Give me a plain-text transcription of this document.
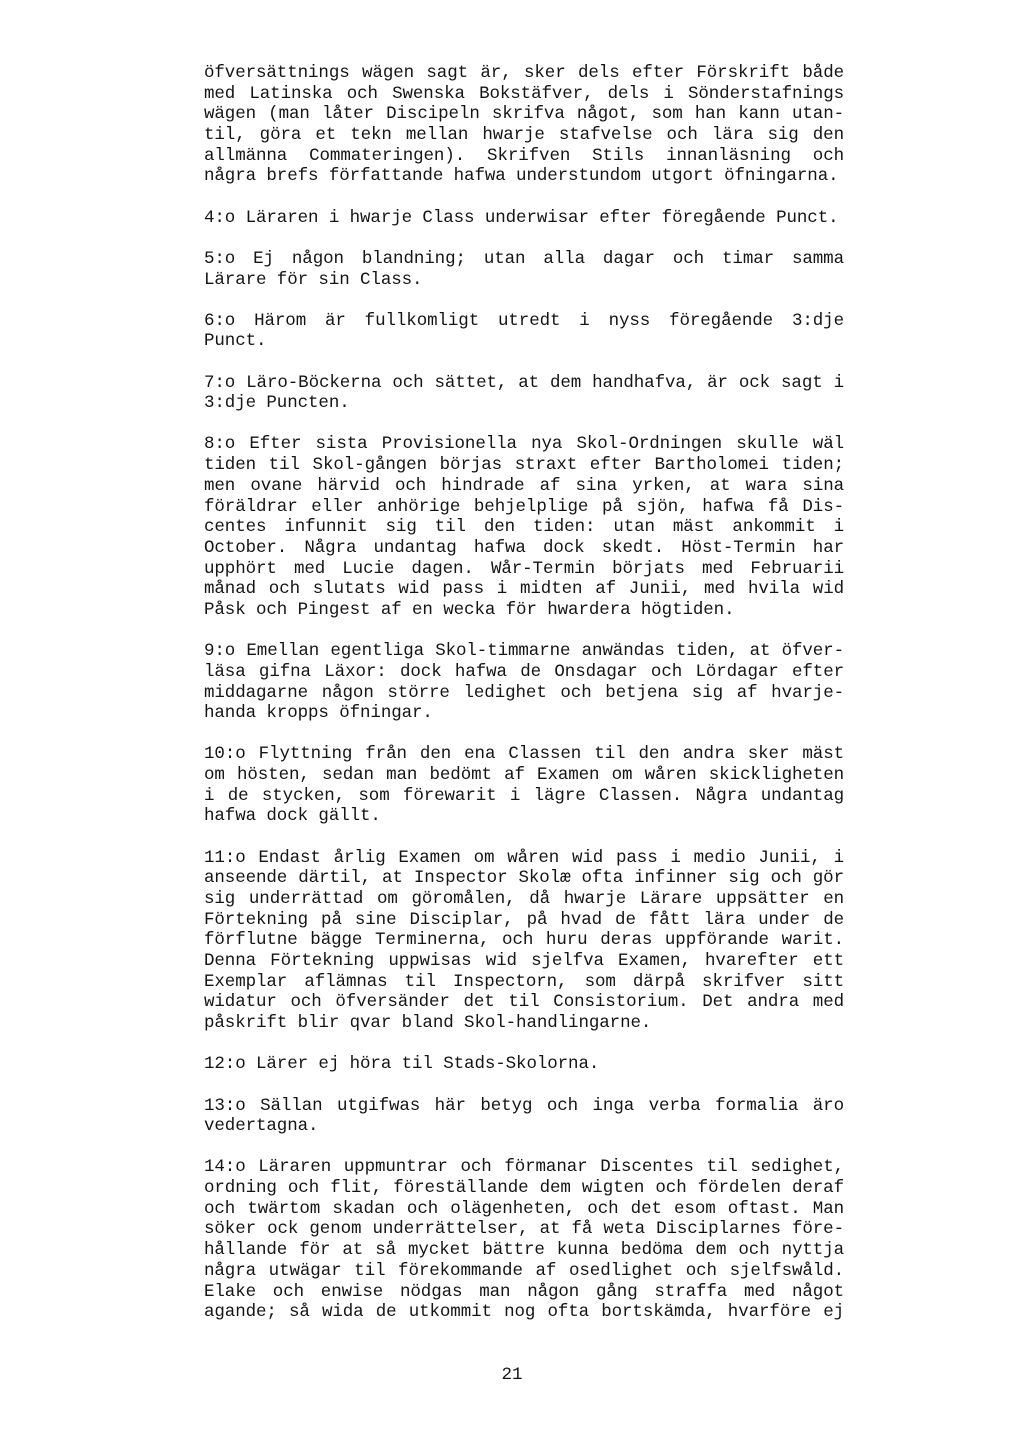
öfversättnings wägen sagt är, sker dels efter Förskrift både
med Latinska och Swenska Bokstäfver, dels i Sönderstafnings
wägen (man låter Discipeln skrifva något, som han kann utan-
til, göra et tekn mellan hwarje stafvelse och lära sig den
allmänna Commateringen). Skrifven Stils innanläsning och
några brefs författande hafwa understundom utgort öfningarna.
4:o Läraren i hwarje Class underwisar efter föregående Punct.
5:o Ej någon blandning; utan alla dagar och timar samma
Lärare för sin Class.
6:o Härom är fullkomligt utredt i nyss föregående 3:dje
Punct.
7:o Läro-Böckerna och sättet, at dem handhafva, är ock sagt i
3:dje Puncten.
8:o Efter sista Provisionella nya Skol-Ordningen skulle wäl
tiden til Skol-gången börjas straxt efter Bartholomei tiden;
men ovane härvid och hindrade af sina yrken, at wara sina
föräldrar eller anhörige behjelplige på sjön, hafwa få Dis-
centes infunnit sig til den tiden: utan mäst ankommit i
October. Några undantag hafwa dock skedt. Höst-Termin har
upphört med Lucie dagen. Wår-Termin börjats med Februarii
månad och slutats wid pass i midten af Junii, med hvila wid
Påsk och Pingest af en wecka för hwardera högtiden.
9:o Emellan egentliga Skol-timmarne anwändas tiden, at öfver-
läsa gifna Läxor: dock hafwa de Onsdagar och Lördagar efter
middagarne någon större ledighet och betjena sig af hvarje-
handa kropps öfningar.
10:o Flyttning från den ena Classen til den andra sker mäst
om hösten, sedan man bedömt af Examen om wåren skickligheten
i de stycken, som förewarit i lägre Classen. Några undantag
hafwa dock gällt.
11:o Endast årlig Examen om wåren wid pass i medio Junii, i
anseende därtil, at Inspector Skolæ ofta infinner sig och gör
sig underrättad om göromålen, då hwarje Lärare uppsätter en
Förtekning på sine Disciplar, på hvad de fått lära under de
förflutne bägge Terminerna, och huru deras uppförande warit.
Denna Förtekning uppwisas wid sjelfva Examen, hvarefter ett
Exemplar aflämnas til Inspectorn, som därpå skrifver sitt
widatur och öfversänder det til Consistorium. Det andra med
påskrift blir qvar bland Skol-handlingarne.
12:o Lärer ej höra til Stads-Skolorna.
13:o Sällan utgifwas här betyg och inga verba formalia äro
vedertagna.
14:o Läraren uppmuntrar och förmanar Discentes til sedighet,
ordning och flit, föreställande dem wigten och fördelen deraf
och twärtom skadan och olägenheten, och det esom oftast. Man
söker ock genom underrättelser, at få weta Disciplarnes före-
hållande för at så mycket bättre kunna bedöma dem och nyttja
några utwägar til förekommande af osedlighet och sjelfswåld.
Elake och enwise nödgas man någon gång straffa med något
agande; så wida de utkommit nog ofta bortskämda, hvarföre ej
21
